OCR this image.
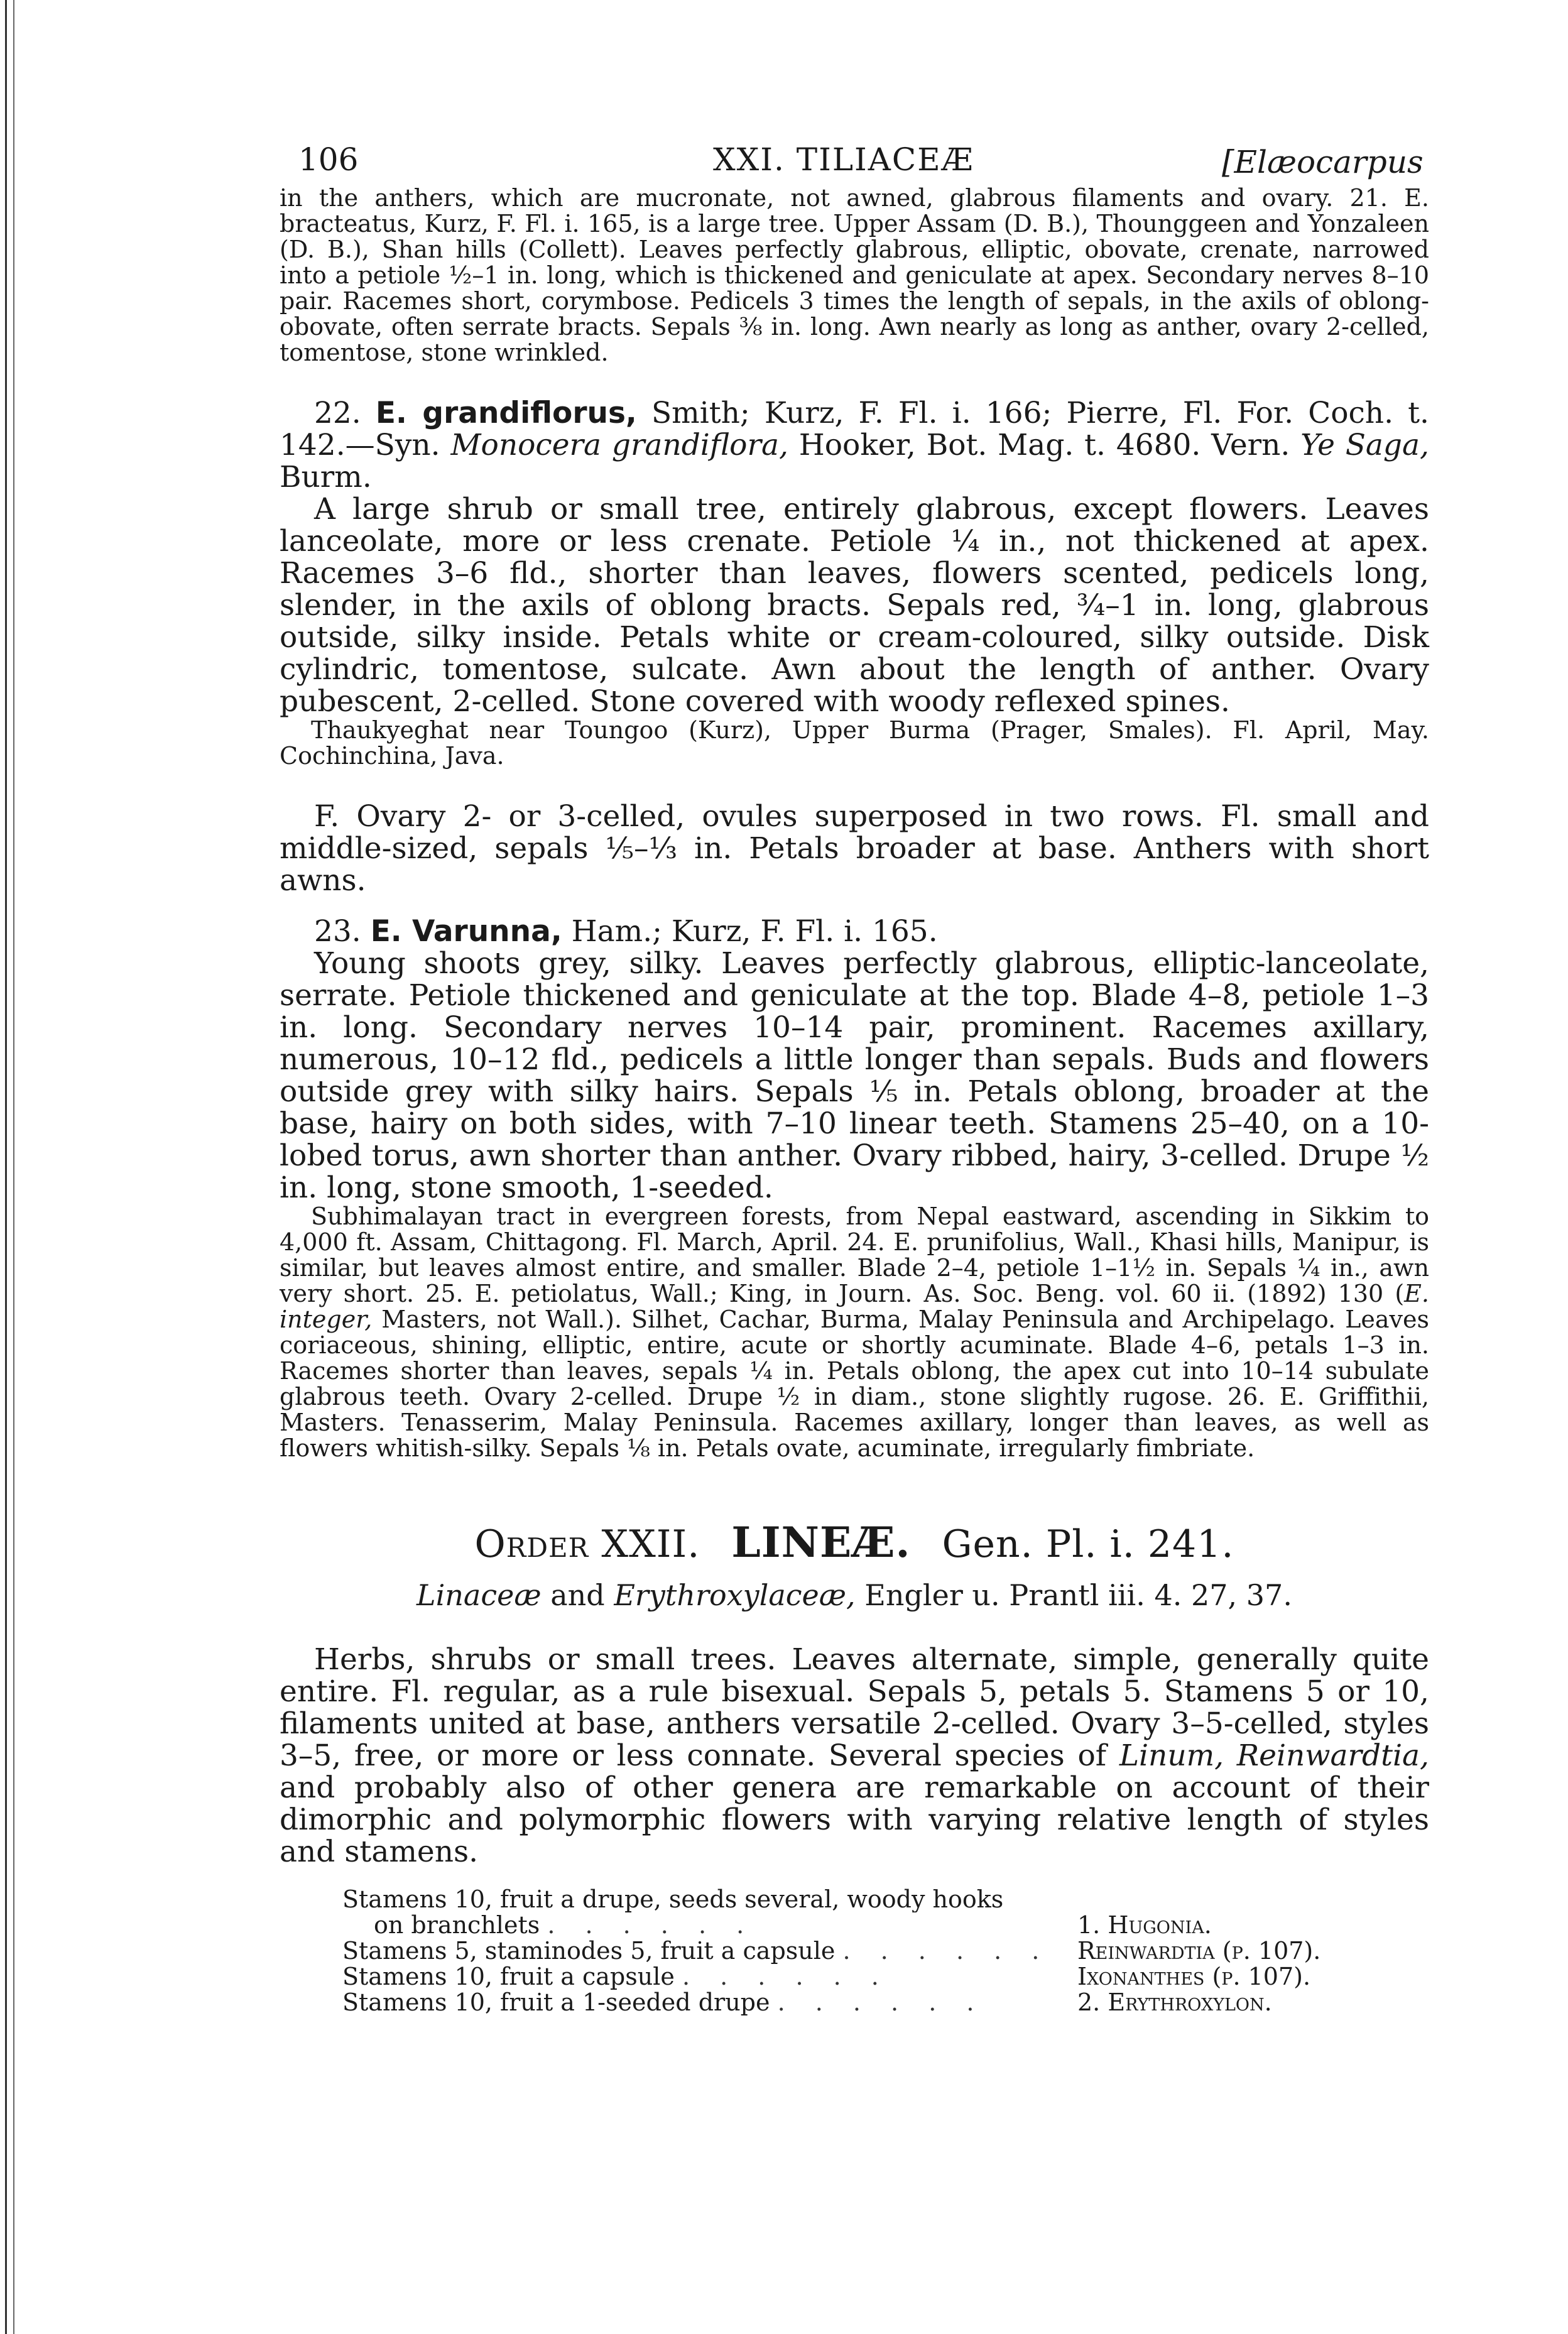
106	XXI. TILIACEÆ	[Elæocarpus

in the anthers, which are mucronate, not awned, glabrous filaments and ovary. 21. E. bracteatus, Kurz, F. Fl. i. 165, is a large tree. Upper Assam (D. B.), Thounggeen and Yonzaleen (D. B.), Shan hills (Collett). Leaves perfectly glabrous, elliptic, obovate, crenate, narrowed into a petiole ½–1 in. long, which is thickened and geniculate at apex. Secondary nerves 8–10 pair. Racemes short, corymbose. Pedicels 3 times the length of sepals, in the axils of oblong-obovate, often serrate bracts. Sepals ⅜ in. long. Awn nearly as long as anther, ovary 2-celled, tomentose, stone wrinkled.

22. E. grandiflorus, Smith; Kurz, F. Fl. i. 166; Pierre, Fl. For. Coch. t. 142.—Syn. Monocera grandiflora, Hooker, Bot. Mag. t. 4680. Vern. Ye Saga, Burm.

A large shrub or small tree, entirely glabrous, except flowers. Leaves lanceolate, more or less crenate. Petiole ¼ in., not thickened at apex. Racemes 3–6 fld., shorter than leaves, flowers scented, pedicels long, slender, in the axils of oblong bracts. Sepals red, ¾–1 in. long, glabrous outside, silky inside. Petals white or cream-coloured, silky outside. Disk cylindric, tomentose, sulcate. Awn about the length of anther. Ovary pubescent, 2-celled. Stone covered with woody reflexed spines.

Thaukyeghat near Toungoo (Kurz), Upper Burma (Prager, Smales). Fl. April, May. Cochinchina, Java.

F. Ovary 2- or 3-celled, ovules superposed in two rows. Fl. small and middle-sized, sepals ⅕–⅓ in. Petals broader at base. Anthers with short awns.

23. E. Varunna, Ham.; Kurz, F. Fl. i. 165.

Young shoots grey, silky. Leaves perfectly glabrous, elliptic-lanceolate, serrate. Petiole thickened and geniculate at the top. Blade 4–8, petiole 1–3 in. long. Secondary nerves 10–14 pair, prominent. Racemes axillary, numerous, 10–12 fld., pedicels a little longer than sepals. Buds and flowers outside grey with silky hairs. Sepals ⅕ in. Petals oblong, broader at the base, hairy on both sides, with 7–10 linear teeth. Stamens 25–40, on a 10-lobed torus, awn shorter than anther. Ovary ribbed, hairy, 3-celled. Drupe ½ in. long, stone smooth, 1-seeded.

Subhimalayan tract in evergreen forests, from Nepal eastward, ascending in Sikkim to 4,000 ft. Assam, Chittagong. Fl. March, April. 24. E. prunifolius, Wall., Khasi hills, Manipur, is similar, but leaves almost entire, and smaller. Blade 2–4, petiole 1–1½ in. Sepals ¼ in., awn very short. 25. E. petiolatus, Wall.; King, in Journ. As. Soc. Beng. vol. 60 ii. (1892) 130 (E. integer, Masters, not Wall.). Silhet, Cachar, Burma, Malay Peninsula and Archipelago. Leaves coriaceous, shining, elliptic, entire, acute or shortly acuminate. Blade 4–6, petals 1–3 in. Racemes shorter than leaves, sepals ¼ in. Petals oblong, the apex cut into 10–14 subulate glabrous teeth. Ovary 2-celled. Drupe ½ in diam., stone slightly rugose. 26. E. Griffithii, Masters. Tenasserim, Malay Peninsula. Racemes axillary, longer than leaves, as well as flowers whitish-silky. Sepals ⅛ in. Petals ovate, acuminate, irregularly fimbriate.

Order XXII. LINEÆ. Gen. Pl. i. 241.

Linaceæ and Erythroxylaceæ, Engler u. Prantl iii. 4. 27, 37.

Herbs, shrubs or small trees. Leaves alternate, simple, generally quite entire. Fl. regular, as a rule bisexual. Sepals 5, petals 5. Stamens 5 or 10, filaments united at base, anthers versatile 2-celled. Ovary 3–5-celled, styles 3–5, free, or more or less connate. Several species of Linum, Reinwardtia, and probably also of other genera are remarkable on account of their dimorphic and polymorphic flowers with varying relative length of styles and stamens.

Stamens 10, fruit a drupe, seeds several, woody hooks
on branchlets . . . . . .	1. Hugonia.
Stamens 5, staminodes 5, fruit a capsule . . . . . .	Reinwardtia (p. 107).
Stamens 10, fruit a capsule . . . . . .	Ixonanthes (p. 107).
Stamens 10, fruit a 1-seeded drupe . . . . . .	2. Erythroxylon.
